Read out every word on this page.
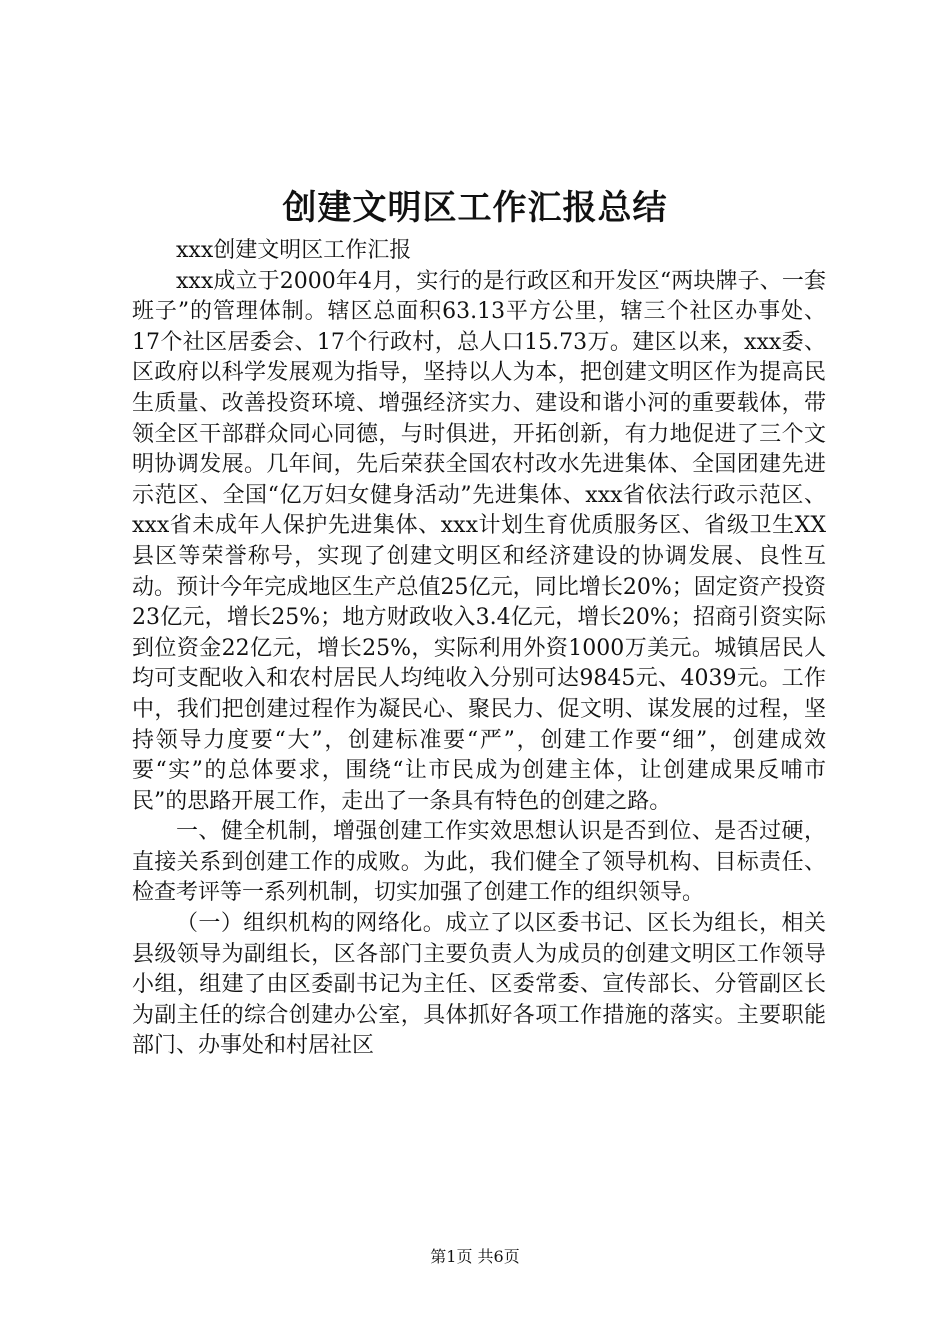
创建文明区工作汇报总结

xxx创建文明区工作汇报

xxx成立于2000年4月，实行的是行政区和开发区“两块牌子、一套班子”的管理体制。辖区总面积63.13平方公里，辖三个社区办事处、17个社区居委会、17个行政村，总人口15.73万。建区以来，xxx委、区政府以科学发展观为指导，坚持以人为本，把创建文明区作为提高民生质量、改善投资环境、增强经济实力、建设和谐小河的重要载体，带领全区干部群众同心同德，与时俱进，开拓创新，有力地促进了三个文明协调发展。几年间，先后荣获全国农村改水先进集体、全国团建先进示范区、全国“亿万妇女健身活动”先进集体、xxx省依法行政示范区、xxx省未成年人保护先进集体、xxx计划生育优质服务区、省级卫生XX县区等荣誉称号，实现了创建文明区和经济建设的协调发展、良性互动。预计今年完成地区生产总值25亿元，同比增长20%；固定资产投资23亿元，增长25%；地方财政收入3.4亿元，增长20%；招商引资实际到位资金22亿元，增长25%，实际利用外资1000万美元。城镇居民人均可支配收入和农村居民人均纯收入分别可达9845元、4039元。工作中，我们把创建过程作为凝民心、聚民力、促文明、谋发展的过程，坚持领导力度要“大”，创建标准要“严”，创建工作要“细”，创建成效要“实”的总体要求，围绕“让市民成为创建主体，让创建成果反哺市民”的思路开展工作，走出了一条具有特色的创建之路。

一、健全机制，增强创建工作实效思想认识是否到位、是否过硬，直接关系到创建工作的成败。为此，我们健全了领导机构、目标责任、检查考评等一系列机制，切实加强了创建工作的组织领导。

（一）组织机构的网络化。成立了以区委书记、区长为组长，相关县级领导为副组长，区各部门主要负责人为成员的创建文明区工作领导小组，组建了由区委副书记为主任、区委常委、宣传部长、分管副区长为副主任的综合创建办公室，具体抓好各项工作措施的落实。主要职能部门、办事处和村居社区

第1页 共6页
